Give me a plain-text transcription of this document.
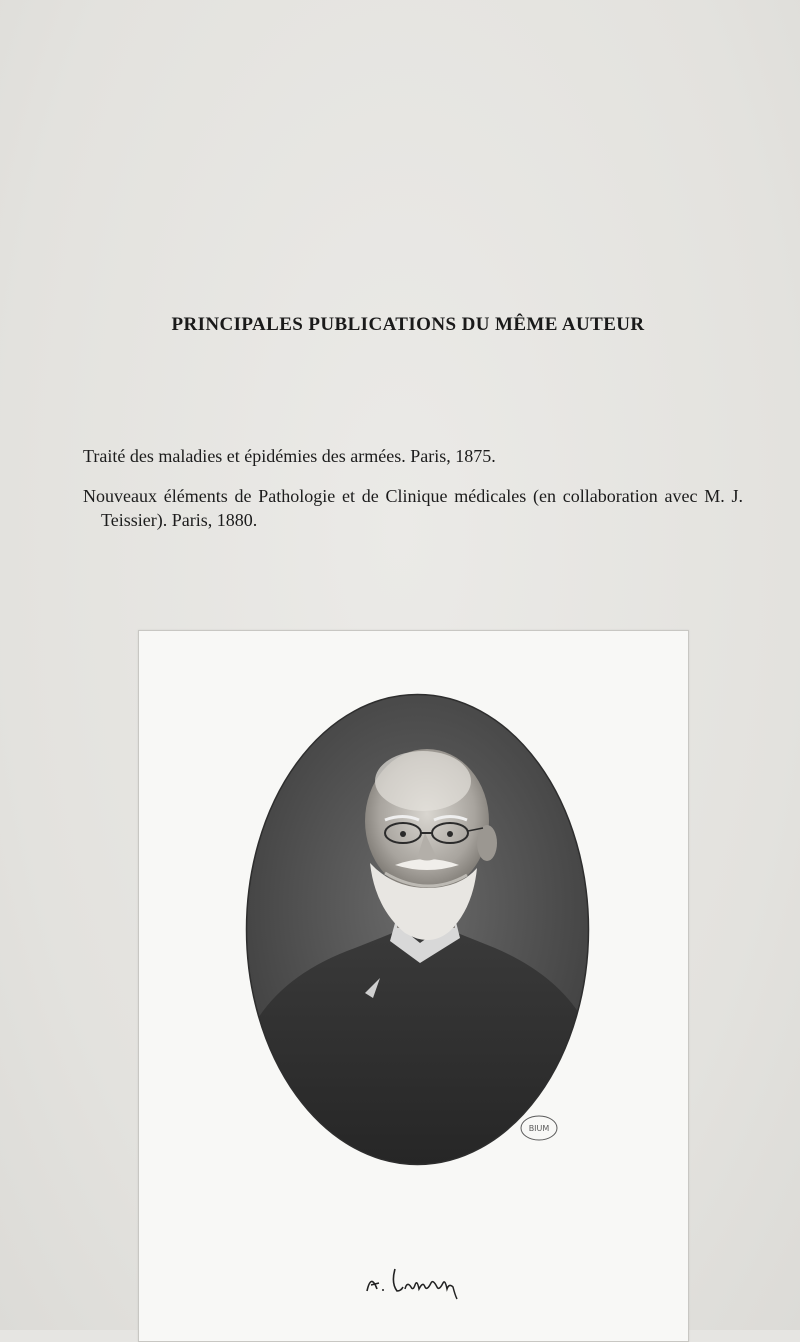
PRINCIPALES PUBLICATIONS DU MÊME AUTEUR
Traité des maladies et épidémies des armées. Paris, 1875.
Nouveaux éléments de Pathologie et de Clinique médicales (en collaboration avec M. J. Teissier). Paris, 1880.
BIUM
